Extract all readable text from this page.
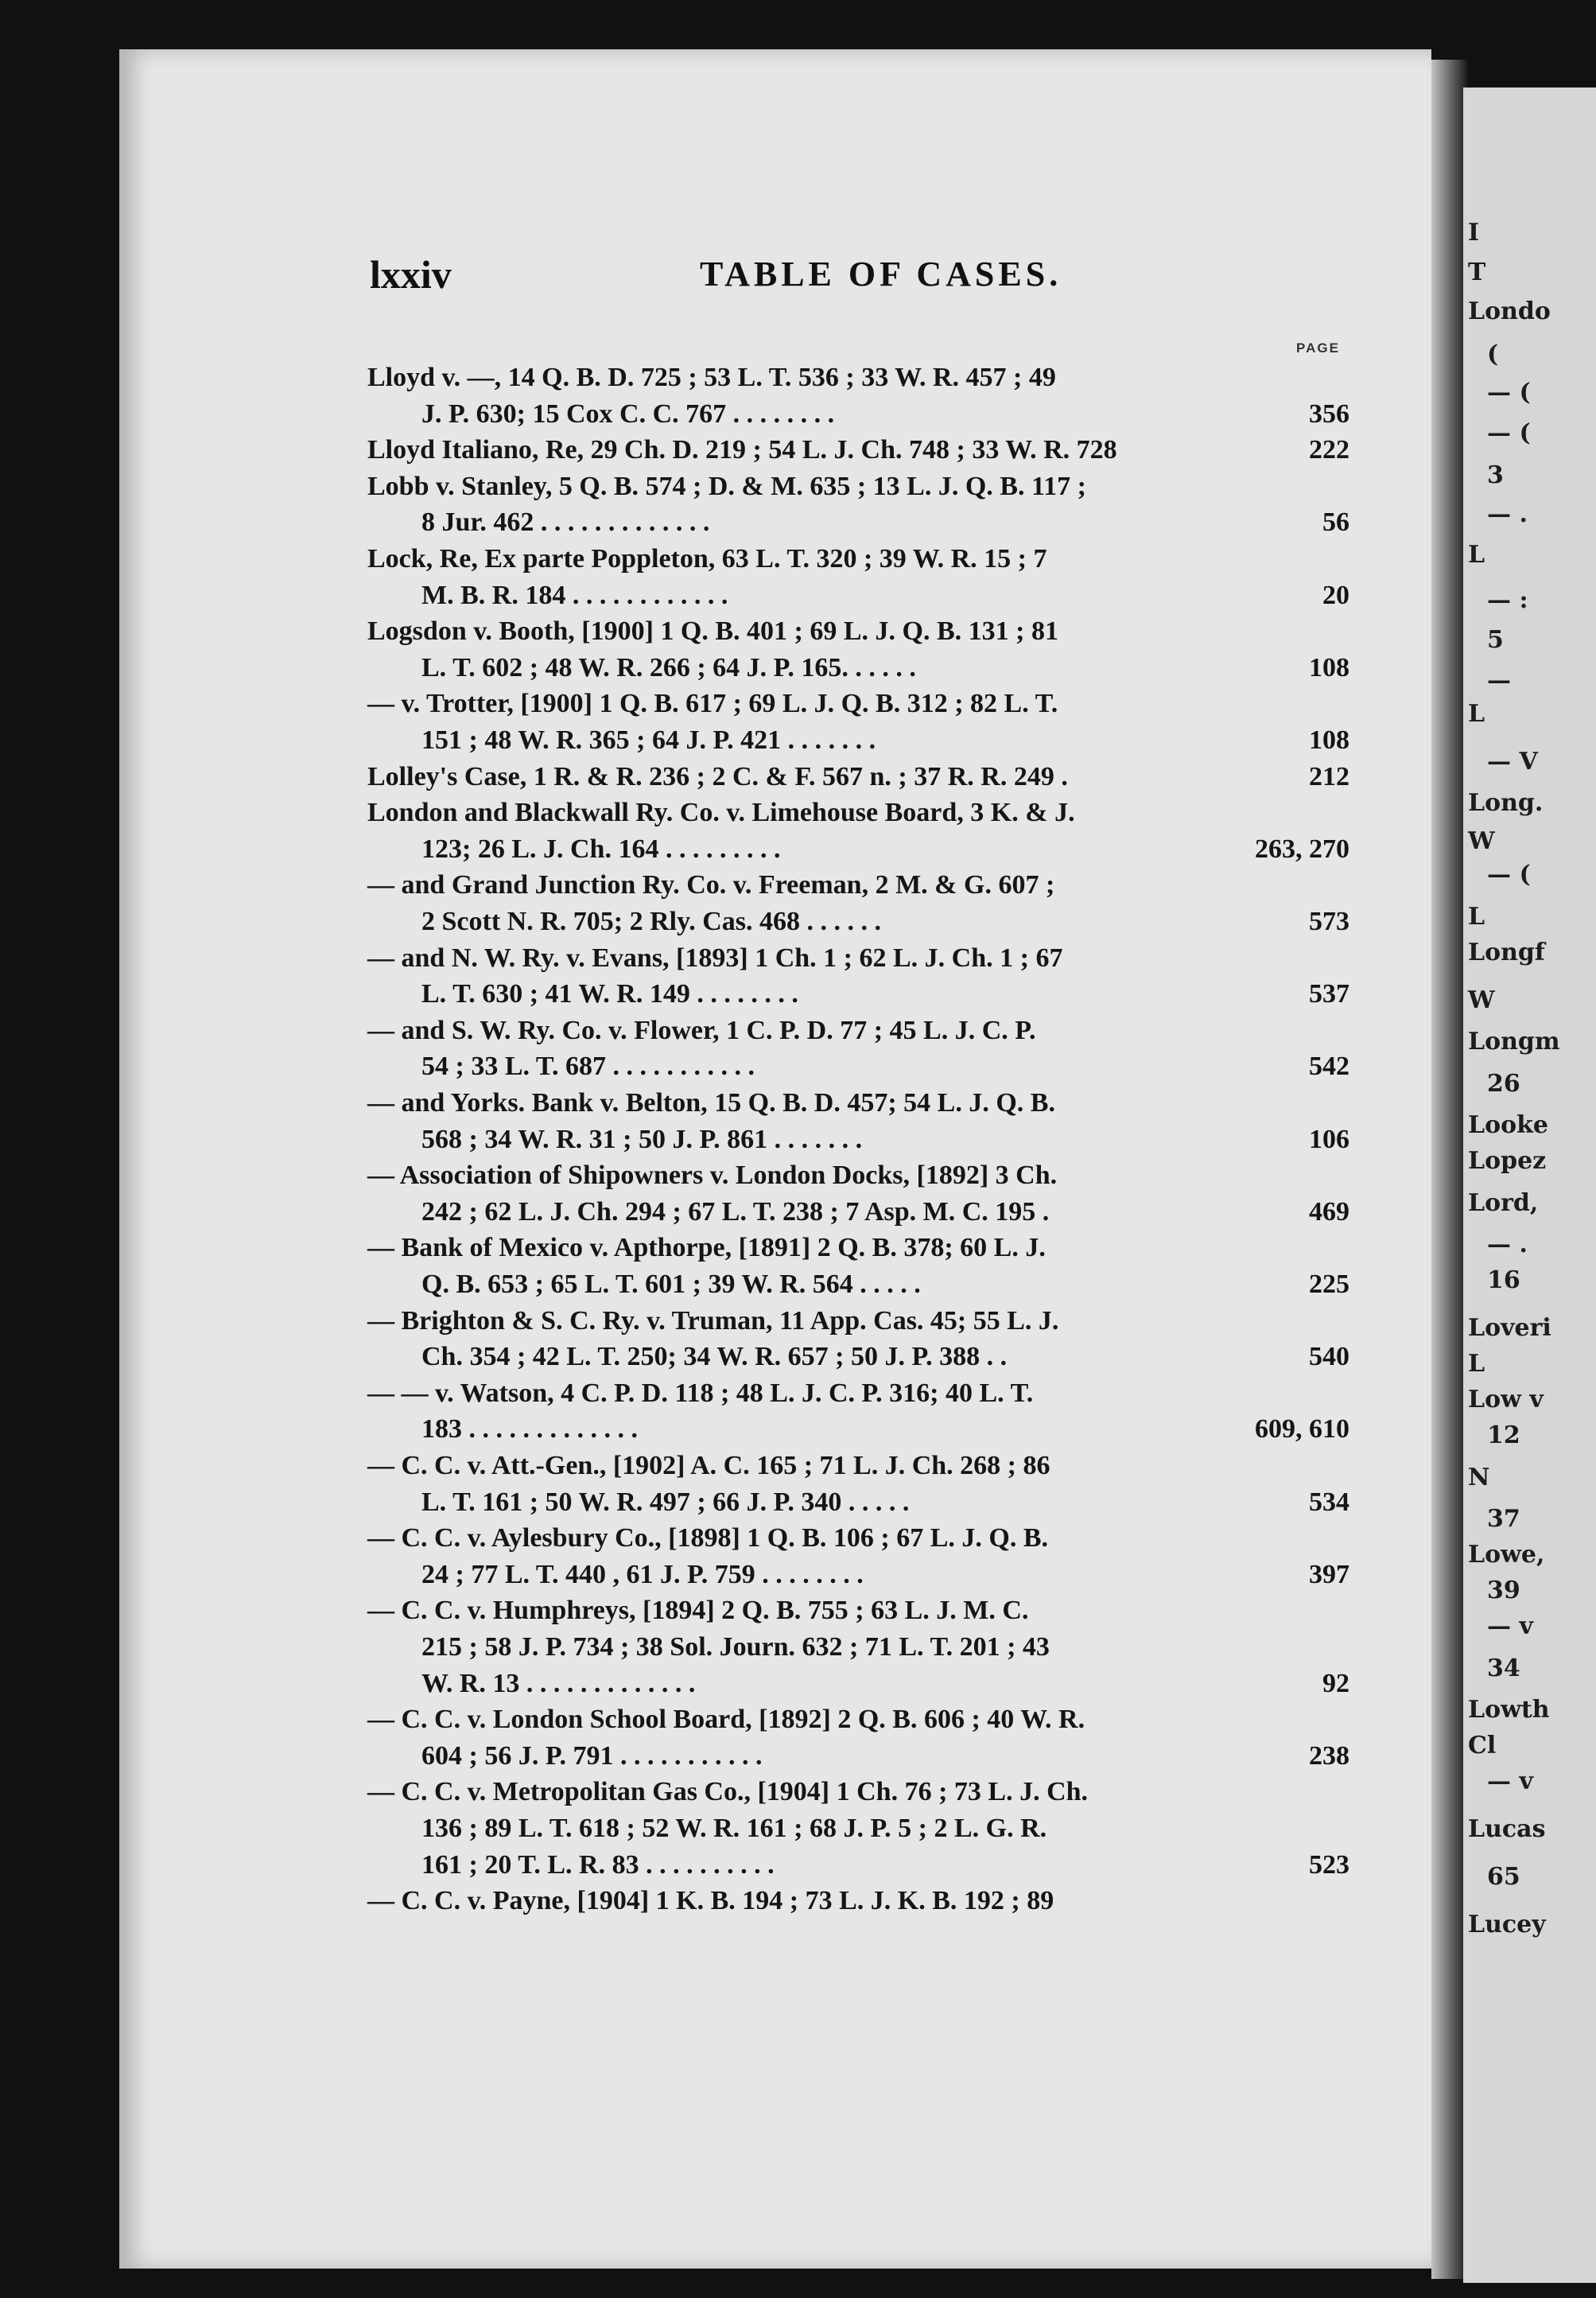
I
T
Londo
(
— (
— (
3
— .
L
— :
5
—
L
— V
Long.
W
— (
L
Longf
W
Longm
26
Looke
Lopez
Lord,
— .
16
Loveri
L
Low v
12
N
37
Lowe,
39
— v
34
Lowth
Cl
— v
Lucas
65
Lucey
lxxiv	TABLE OF CASES.
PAGE
Lloyd v. —, 14 Q. B. D. 725 ; 53 L. T. 536 ; 33 W. R. 457 ; 49
J. P. 630; 15 Cox C. C. 767 . . . . . . . .	356
Lloyd Italiano, Re, 29 Ch. D. 219 ; 54 L. J. Ch. 748 ; 33 W. R. 728	222
Lobb v. Stanley, 5 Q. B. 574 ; D. & M. 635 ; 13 L. J. Q. B. 117 ;
8 Jur. 462 . . . . . . . . . . . . .	56
Lock, Re, Ex parte Poppleton, 63 L. T. 320 ; 39 W. R. 15 ; 7
M. B. R. 184 . . . . . . . . . . . .	20
Logsdon v. Booth, [1900] 1 Q. B. 401 ; 69 L. J. Q. B. 131 ; 81
L. T. 602 ; 48 W. R. 266 ; 64 J. P. 165. . . . . .	108
— v. Trotter, [1900] 1 Q. B. 617 ; 69 L. J. Q. B. 312 ; 82 L. T.
151 ; 48 W. R. 365 ; 64 J. P. 421 . . . . . . .	108
Lolley's Case, 1 R. & R. 236 ; 2 C. & F. 567 n. ; 37 R. R. 249 .	212
London and Blackwall Ry. Co. v. Limehouse Board, 3 K. & J.
123; 26 L. J. Ch. 164 . . . . . . . . .	263, 270
— and Grand Junction Ry. Co. v. Freeman, 2 M. & G. 607 ;
2 Scott N. R. 705; 2 Rly. Cas. 468 . . . . . .	573
— and N. W. Ry. v. Evans, [1893] 1 Ch. 1 ; 62 L. J. Ch. 1 ; 67
L. T. 630 ; 41 W. R. 149 . . . . . . . .	537
— and S. W. Ry. Co. v. Flower, 1 C. P. D. 77 ; 45 L. J. C. P.
54 ; 33 L. T. 687 . . . . . . . . . . .	542
— and Yorks. Bank v. Belton, 15 Q. B. D. 457; 54 L. J. Q. B.
568 ; 34 W. R. 31 ; 50 J. P. 861 . . . . . . .	106
— Association of Shipowners v. London Docks, [1892] 3 Ch.
242 ; 62 L. J. Ch. 294 ; 67 L. T. 238 ; 7 Asp. M. C. 195 .	469
— Bank of Mexico v. Apthorpe, [1891] 2 Q. B. 378; 60 L. J.
Q. B. 653 ; 65 L. T. 601 ; 39 W. R. 564 . . . . .	225
— Brighton & S. C. Ry. v. Truman, 11 App. Cas. 45; 55 L. J.
Ch. 354 ; 42 L. T. 250; 34 W. R. 657 ; 50 J. P. 388 . .	540
— — v. Watson, 4 C. P. D. 118 ; 48 L. J. C. P. 316; 40 L. T.
183 . . . . . . . . . . . . .	609, 610
— C. C. v. Att.-Gen., [1902] A. C. 165 ; 71 L. J. Ch. 268 ; 86
L. T. 161 ; 50 W. R. 497 ; 66 J. P. 340 . . . . .	534
— C. C. v. Aylesbury Co., [1898] 1 Q. B. 106 ; 67 L. J. Q. B.
24 ; 77 L. T. 440 , 61 J. P. 759 . . . . . . . .	397
— C. C. v. Humphreys, [1894] 2 Q. B. 755 ; 63 L. J. M. C.
215 ; 58 J. P. 734 ; 38 Sol. Journ. 632 ; 71 L. T. 201 ; 43
W. R. 13 . . . . . . . . . . . . .	92
— C. C. v. London School Board, [1892] 2 Q. B. 606 ; 40 W. R.
604 ; 56 J. P. 791 . . . . . . . . . . .	238
— C. C. v. Metropolitan Gas Co., [1904] 1 Ch. 76 ; 73 L. J. Ch.
136 ; 89 L. T. 618 ; 52 W. R. 161 ; 68 J. P. 5 ; 2 L. G. R.
161 ; 20 T. L. R. 83 . . . . . . . . . .	523
— C. C. v. Payne, [1904] 1 K. B. 194 ; 73 L. J. K. B. 192 ; 89
